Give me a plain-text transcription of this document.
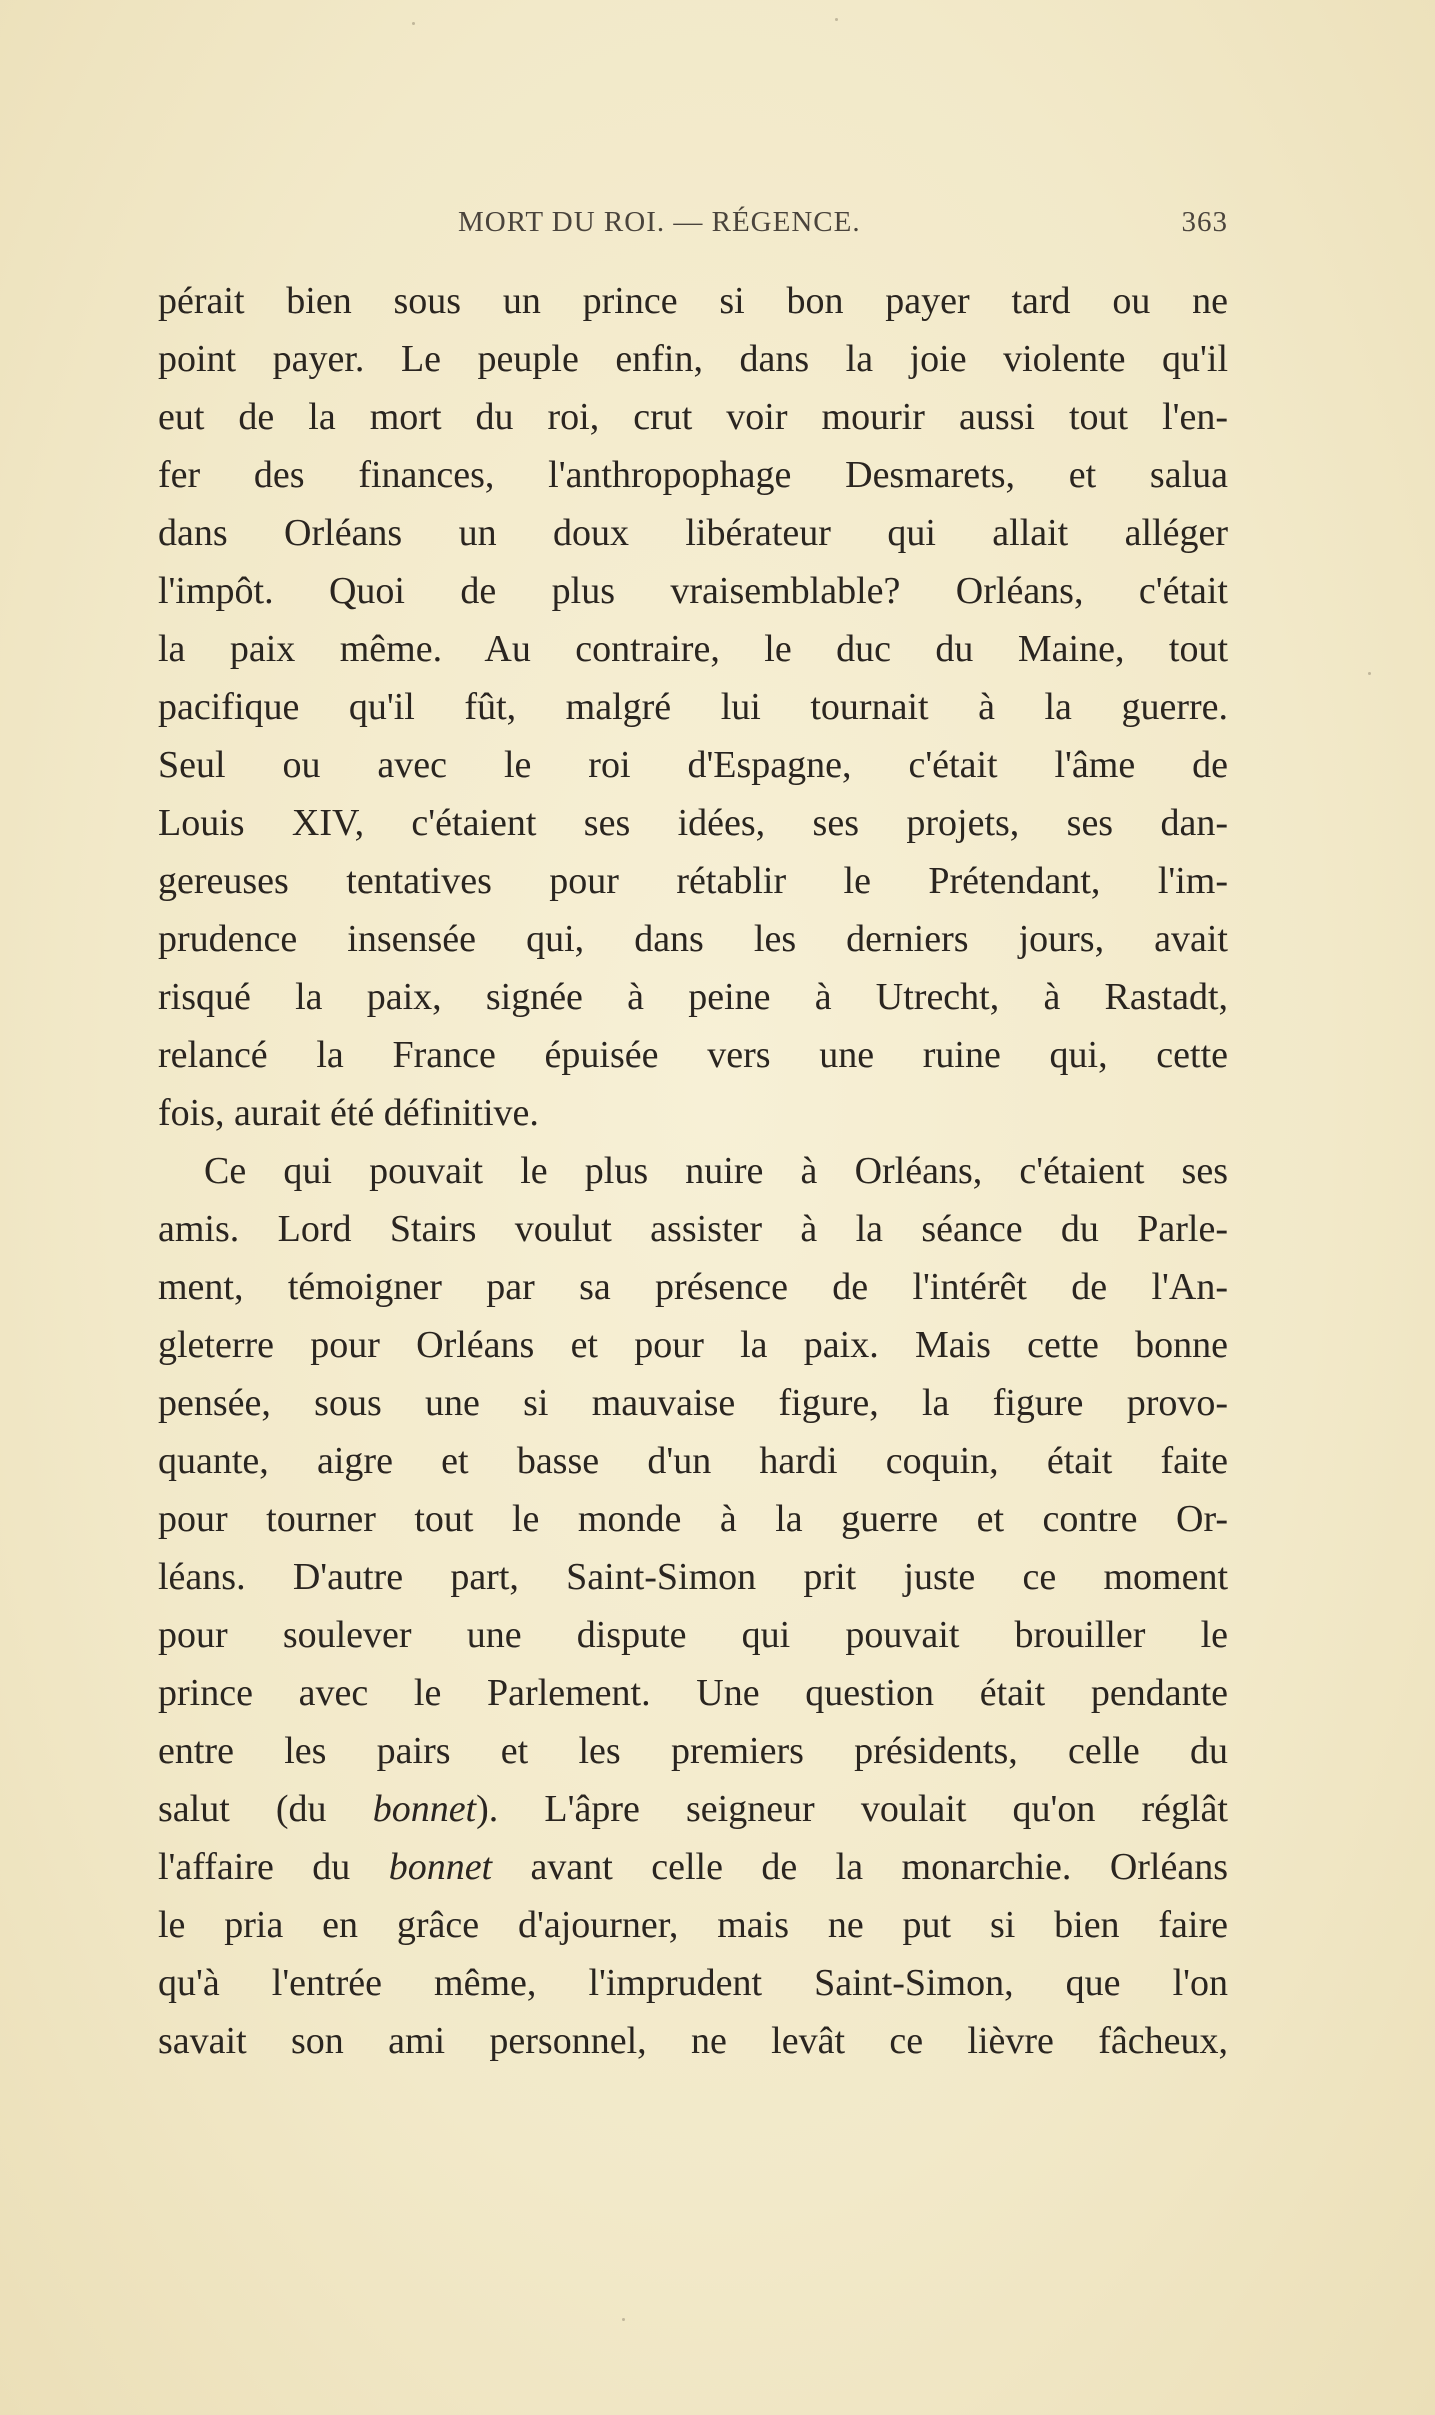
MORT DU ROI. — RÉGENCE.	363
pérait bien sous un prince si bon payer tard ou ne
point payer. Le peuple enfin, dans la joie violente qu'il
eut de la mort du roi, crut voir mourir aussi tout l'en-
fer des finances, l'anthropophage Desmarets, et salua
dans Orléans un doux libérateur qui allait alléger
l'impôt. Quoi de plus vraisemblable? Orléans, c'était
la paix même. Au contraire, le duc du Maine, tout
pacifique qu'il fût, malgré lui tournait à la guerre.
Seul ou avec le roi d'Espagne, c'était l'âme de
Louis XIV, c'étaient ses idées, ses projets, ses dan-
gereuses tentatives pour rétablir le Prétendant, l'im-
prudence insensée qui, dans les derniers jours, avait
risqué la paix, signée à peine à Utrecht, à Rastadt,
relancé la France épuisée vers une ruine qui, cette
fois, aurait été définitive.
Ce qui pouvait le plus nuire à Orléans, c'étaient ses
amis. Lord Stairs voulut assister à la séance du Parle-
ment, témoigner par sa présence de l'intérêt de l'An-
gleterre pour Orléans et pour la paix. Mais cette bonne
pensée, sous une si mauvaise figure, la figure provo-
quante, aigre et basse d'un hardi coquin, était faite
pour tourner tout le monde à la guerre et contre Or-
léans. D'autre part, Saint-Simon prit juste ce moment
pour soulever une dispute qui pouvait brouiller le
prince avec le Parlement. Une question était pendante
entre les pairs et les premiers présidents, celle du
salut (du bonnet). L'âpre seigneur voulait qu'on réglât
l'affaire du bonnet avant celle de la monarchie. Orléans
le pria en grâce d'ajourner, mais ne put si bien faire
qu'à l'entrée même, l'imprudent Saint-Simon, que l'on
savait son ami personnel, ne levât ce lièvre fâcheux,
